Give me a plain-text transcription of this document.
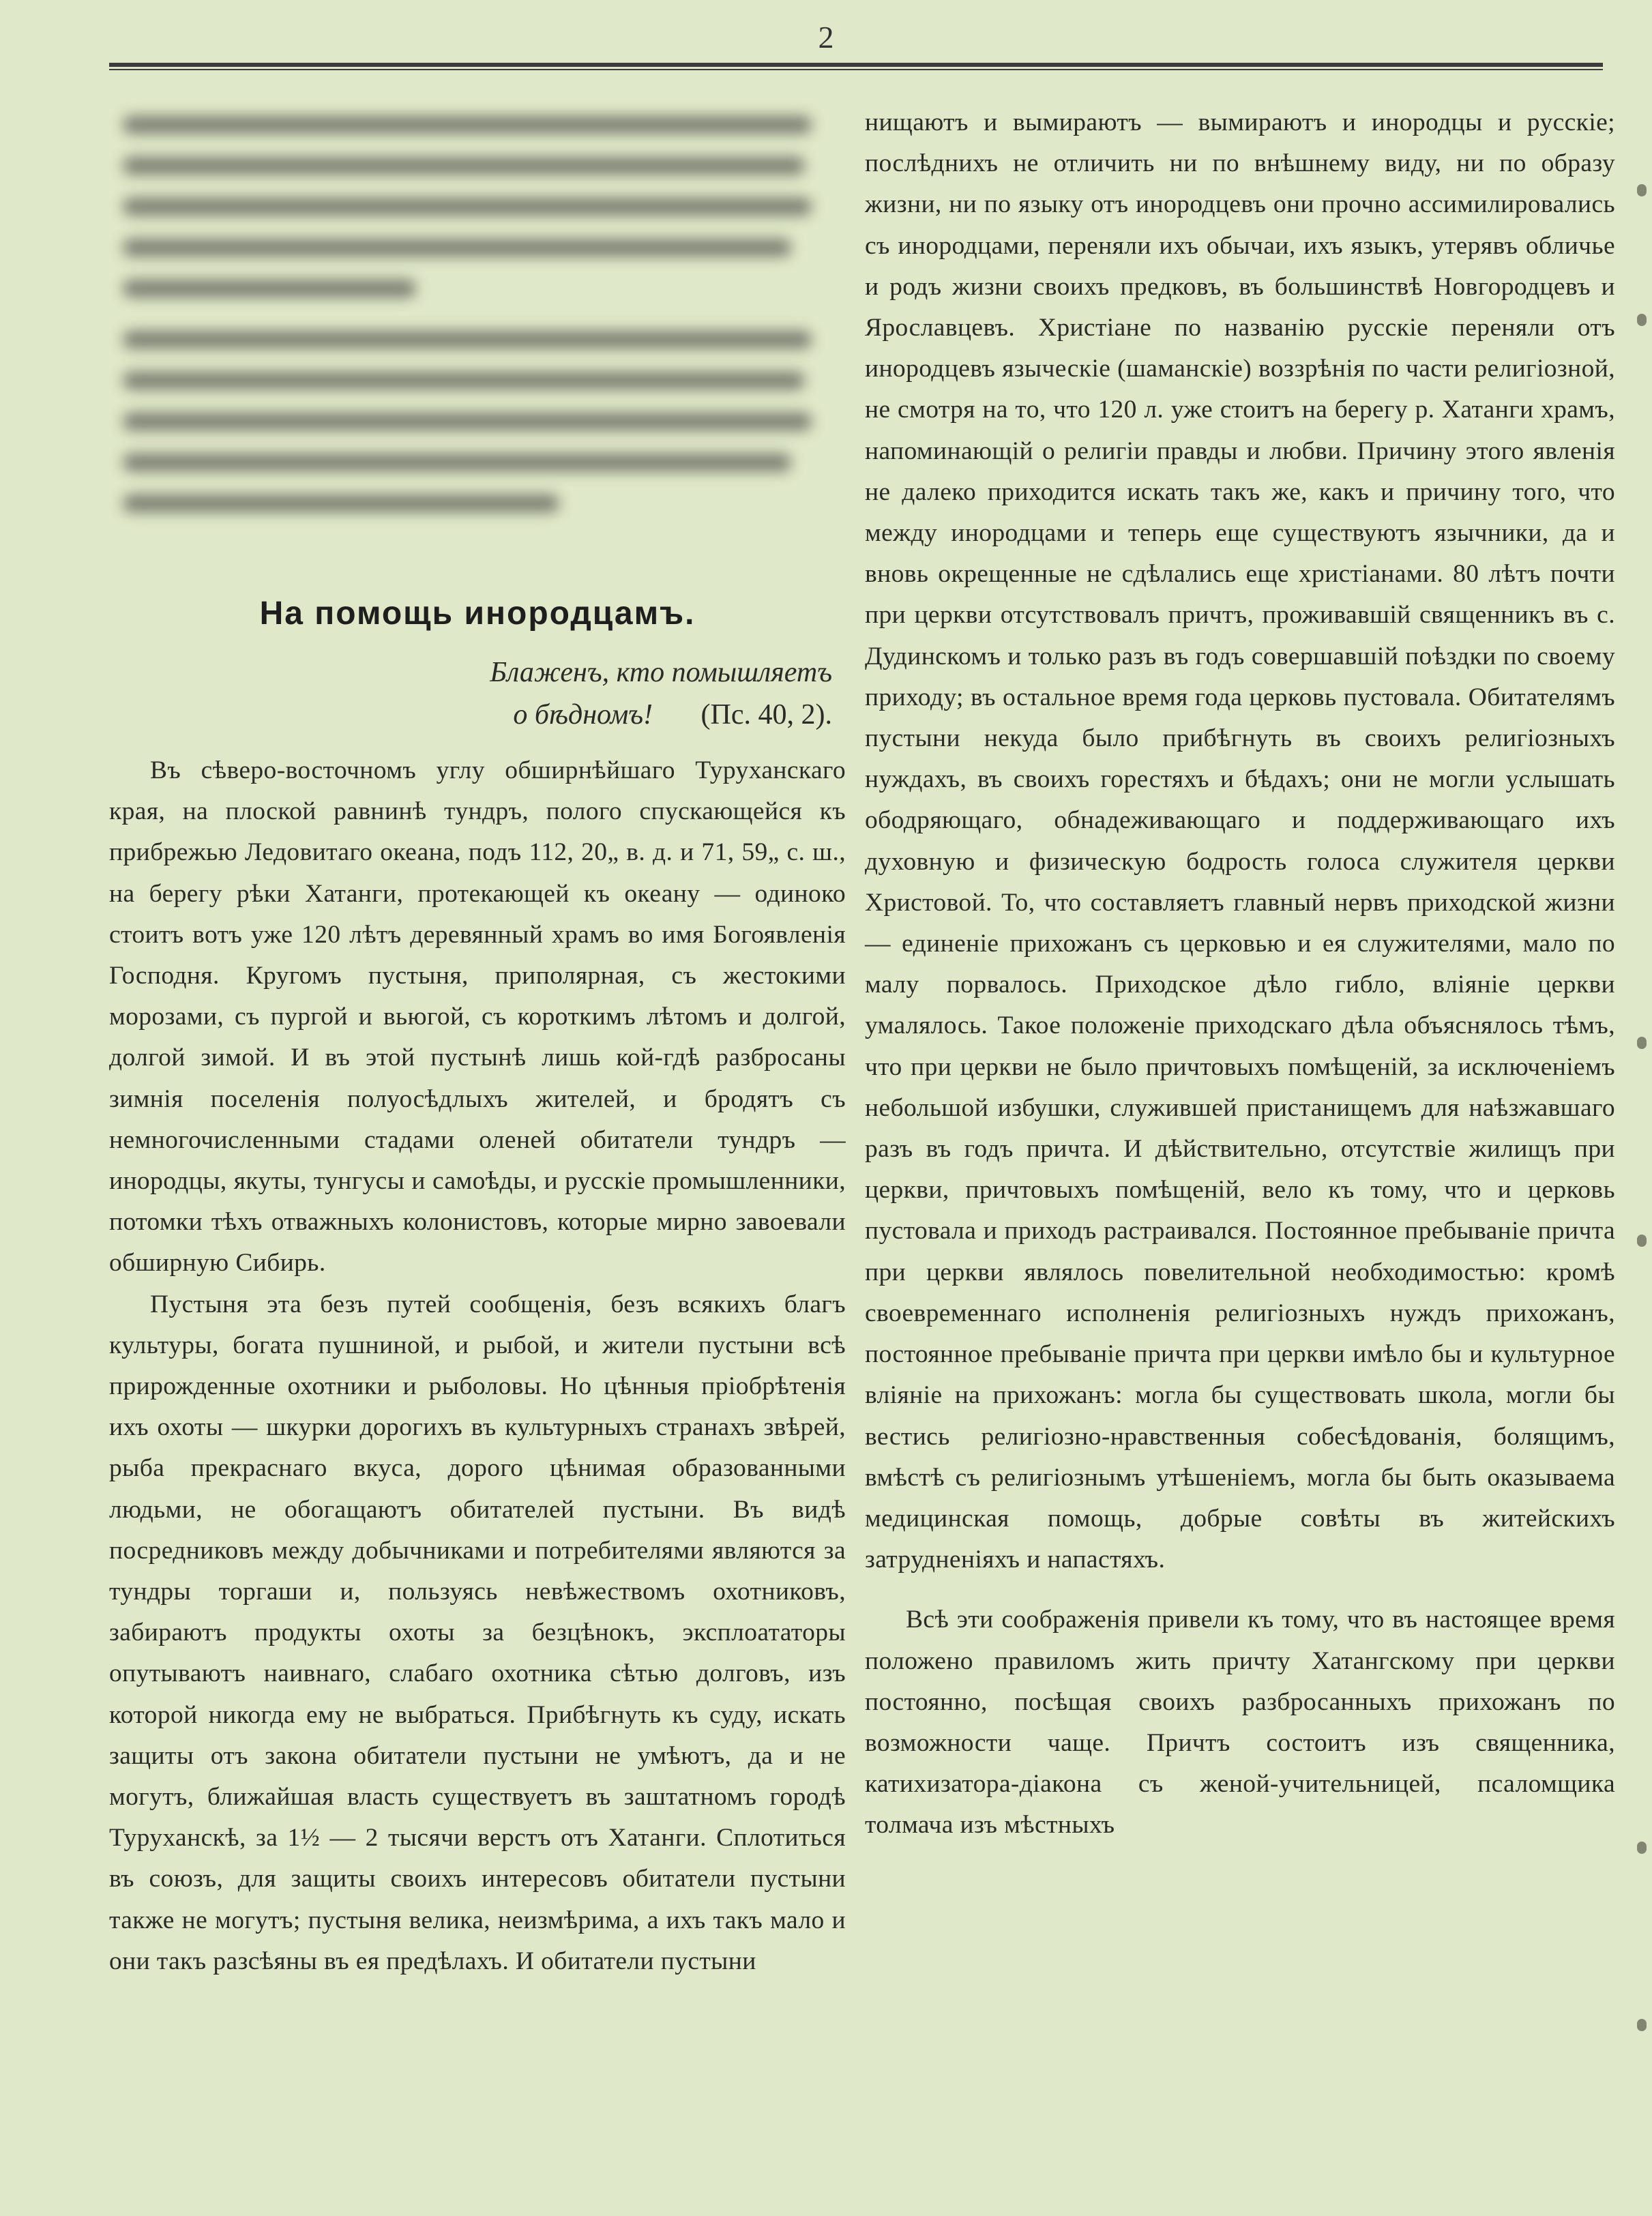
2
На помощь инородцамъ.
Блаженъ, кто помышляетъ
о бѣдномъ! (Пс. 40, 2).

Въ сѣверо-восточномъ углу обширнѣйшаго Туруханскаго края, на плоской равнинѣ тундръ, полого спускающейся къ прибрежью Ледовитаго океана, подъ 112, 20„ в. д. и 71, 59„ с. ш., на берегу рѣки Хатанги, протекающей къ океану — одиноко стоитъ вотъ уже 120 лѣтъ деревянный храмъ во имя Богоявленія Господня. Кругомъ пустыня, приполярная, съ жестокими морозами, съ пургой и вьюгой, съ короткимъ лѣтомъ и долгой, долгой зимой. И въ этой пустынѣ лишь кой-гдѣ разбросаны зимнія поселенія полуосѣдлыхъ жителей, и бродятъ съ немногочисленными стадами оленей обитатели тундръ — инородцы, якуты, тунгусы и самоѣды, и русскіе промышленники, потомки тѣхъ отважныхъ колонистовъ, которые мирно завоевали обширную Сибирь.

Пустыня эта безъ путей сообщенія, безъ всякихъ благъ культуры, богата пушниной, и рыбой, и жители пустыни всѣ прирожденные охотники и рыболовы. Но цѣнныя пріобрѣтенія ихъ охоты — шкурки дорогихъ въ культурныхъ странахъ звѣрей, рыба прекраснаго вкуса, дорого цѣнимая образованными людьми, не обогащаютъ обитателей пустыни. Въ видѣ посредниковъ между добычниками и потребителями являются за тундры торгаши и, пользуясь невѣжествомъ охотниковъ, забираютъ продукты охоты за безцѣнокъ, эксплоататоры опутываютъ наивнаго, слабаго охотника сѣтью долговъ, изъ которой никогда ему не выбраться. Прибѣгнуть къ суду, искать защиты отъ закона обитатели пустыни не умѣютъ, да и не могутъ, ближайшая власть существуетъ въ заштатномъ городѣ Туруханскѣ, за 1½ — 2 тысячи верстъ отъ Хатанги. Сплотиться въ союзъ, для защиты своихъ интересовъ обитатели пустыни также не могутъ; пустыня велика, неизмѣрима, а ихъ такъ мало и они такъ разсѣяны въ ея предѣлахъ. И обитатели пустыни

нищаютъ и вымираютъ — вымираютъ и инородцы и русскіе; послѣднихъ не отличить ни по внѣшнему виду, ни по образу жизни, ни по языку отъ инородцевъ они прочно ассимилировались съ инородцами, переняли ихъ обычаи, ихъ языкъ, утерявъ обличье и родъ жизни своихъ предковъ, въ большинствѣ Новгородцевъ и Ярославцевъ. Христіане по названію русскіе переняли отъ инородцевъ языческіе (шаманскіе) воззрѣнія по части религіозной, не смотря на то, что 120 л. уже стоитъ на берегу р. Хатанги храмъ, напоминающій о религіи правды и любви. Причину этого явленія не далеко приходится искать такъ же, какъ и причину того, что между инородцами и теперь еще существуютъ язычники, да и вновь окрещенные не сдѣлались еще христіанами. 80 лѣтъ почти при церкви отсутствовалъ причтъ, проживавшій священникъ въ с. Дудинскомъ и только разъ въ годъ совершавшій поѣздки по своему приходу; въ остальное время года церковь пустовала. Обитателямъ пустыни некуда было прибѣгнуть въ своихъ религіозныхъ нуждахъ, въ своихъ горестяхъ и бѣдахъ; они не могли услышать ободряющаго, обнадеживающаго и поддерживающаго ихъ духовную и физическую бодрость голоса служителя церкви Христовой. То, что составляетъ главный нервъ приходской жизни — единеніе прихожанъ съ церковью и ея служителями, мало по малу порвалось. Приходское дѣло гибло, вліяніе церкви умалялось. Такое положеніе приходскаго дѣла объяснялось тѣмъ, что при церкви не было причтовыхъ помѣщеній, за исключеніемъ небольшой избушки, служившей пристанищемъ для наѣзжавшаго разъ въ годъ причта. И дѣйствительно, отсутствіе жилищъ при церкви, причтовыхъ помѣщеній, вело къ тому, что и церковь пустовала и приходъ растраивался. Постоянное пребываніе причта при церкви являлось повелительной необходимостью: кромѣ своевременнаго исполненія религіозныхъ нуждъ прихожанъ, постоянное пребываніе причта при церкви имѣло бы и культурное вліяніе на прихожанъ: могла бы существовать школа, могли бы вестись религіозно-нравственныя собесѣдованія, болящимъ, вмѣстѣ съ религіознымъ утѣшеніемъ, могла бы быть оказываема медицинская помощь, добрые совѣты въ житейскихъ затрудненіяхъ и напастяхъ.

Всѣ эти соображенія привели къ тому, что въ настоящее время положено правиломъ жить причту Хатангскому при церкви постоянно, посѣщая своихъ разбросанныхъ прихожанъ по возможности чаще. Причтъ состоитъ изъ священника, катихизатора-діакона съ женой-учительницей, псаломщика толмача изъ мѣстныхъ
